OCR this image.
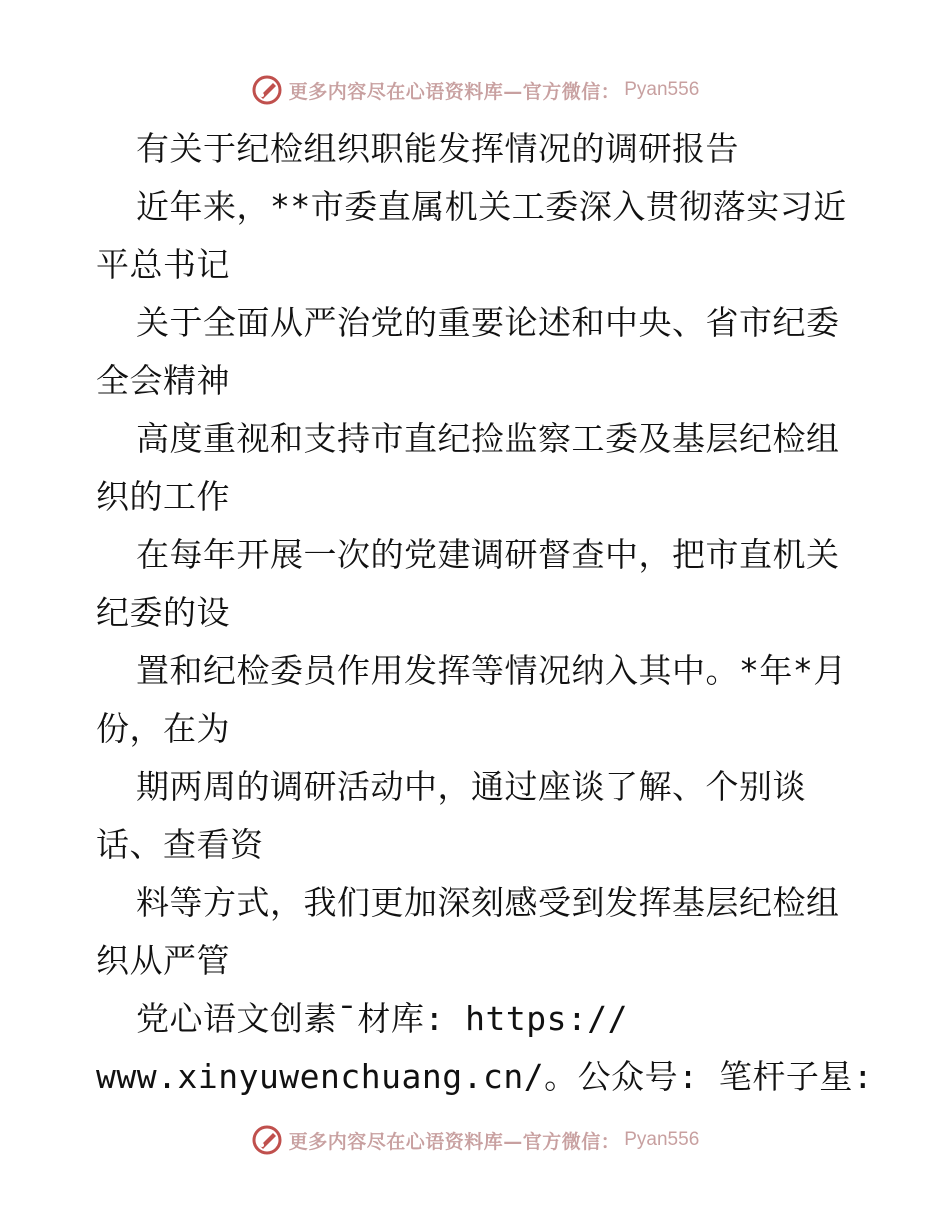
更多内容尽在心语资料库—官方微信： Pyan556
有关于纪检组织职能发挥情况的调研报告
近年来，**市委直属机关工委深入贯彻落实习近
平总书记
关于全面从严治党的重要论述和中央、省市纪委
全会精神
高度重视和支持市直纪捡监察工委及基层纪检组
织的工作
在每年开展一次的党建调研督查中，把市直机关
纪委的设
置和纪检委员作用发挥等情况纳入其中。*年*月
份，在为
期两周的调研活动中，通过座谈了解、个别谈
话、查看资
料等方式，我们更加深刻感受到发挥基层纪检组
织从严管
党心语文创素¯材库: https://
www.xinyuwenchuang.cn/。公众号: 笔杆子星:
更多内容尽在心语资料库—官方微信： Pyan556
